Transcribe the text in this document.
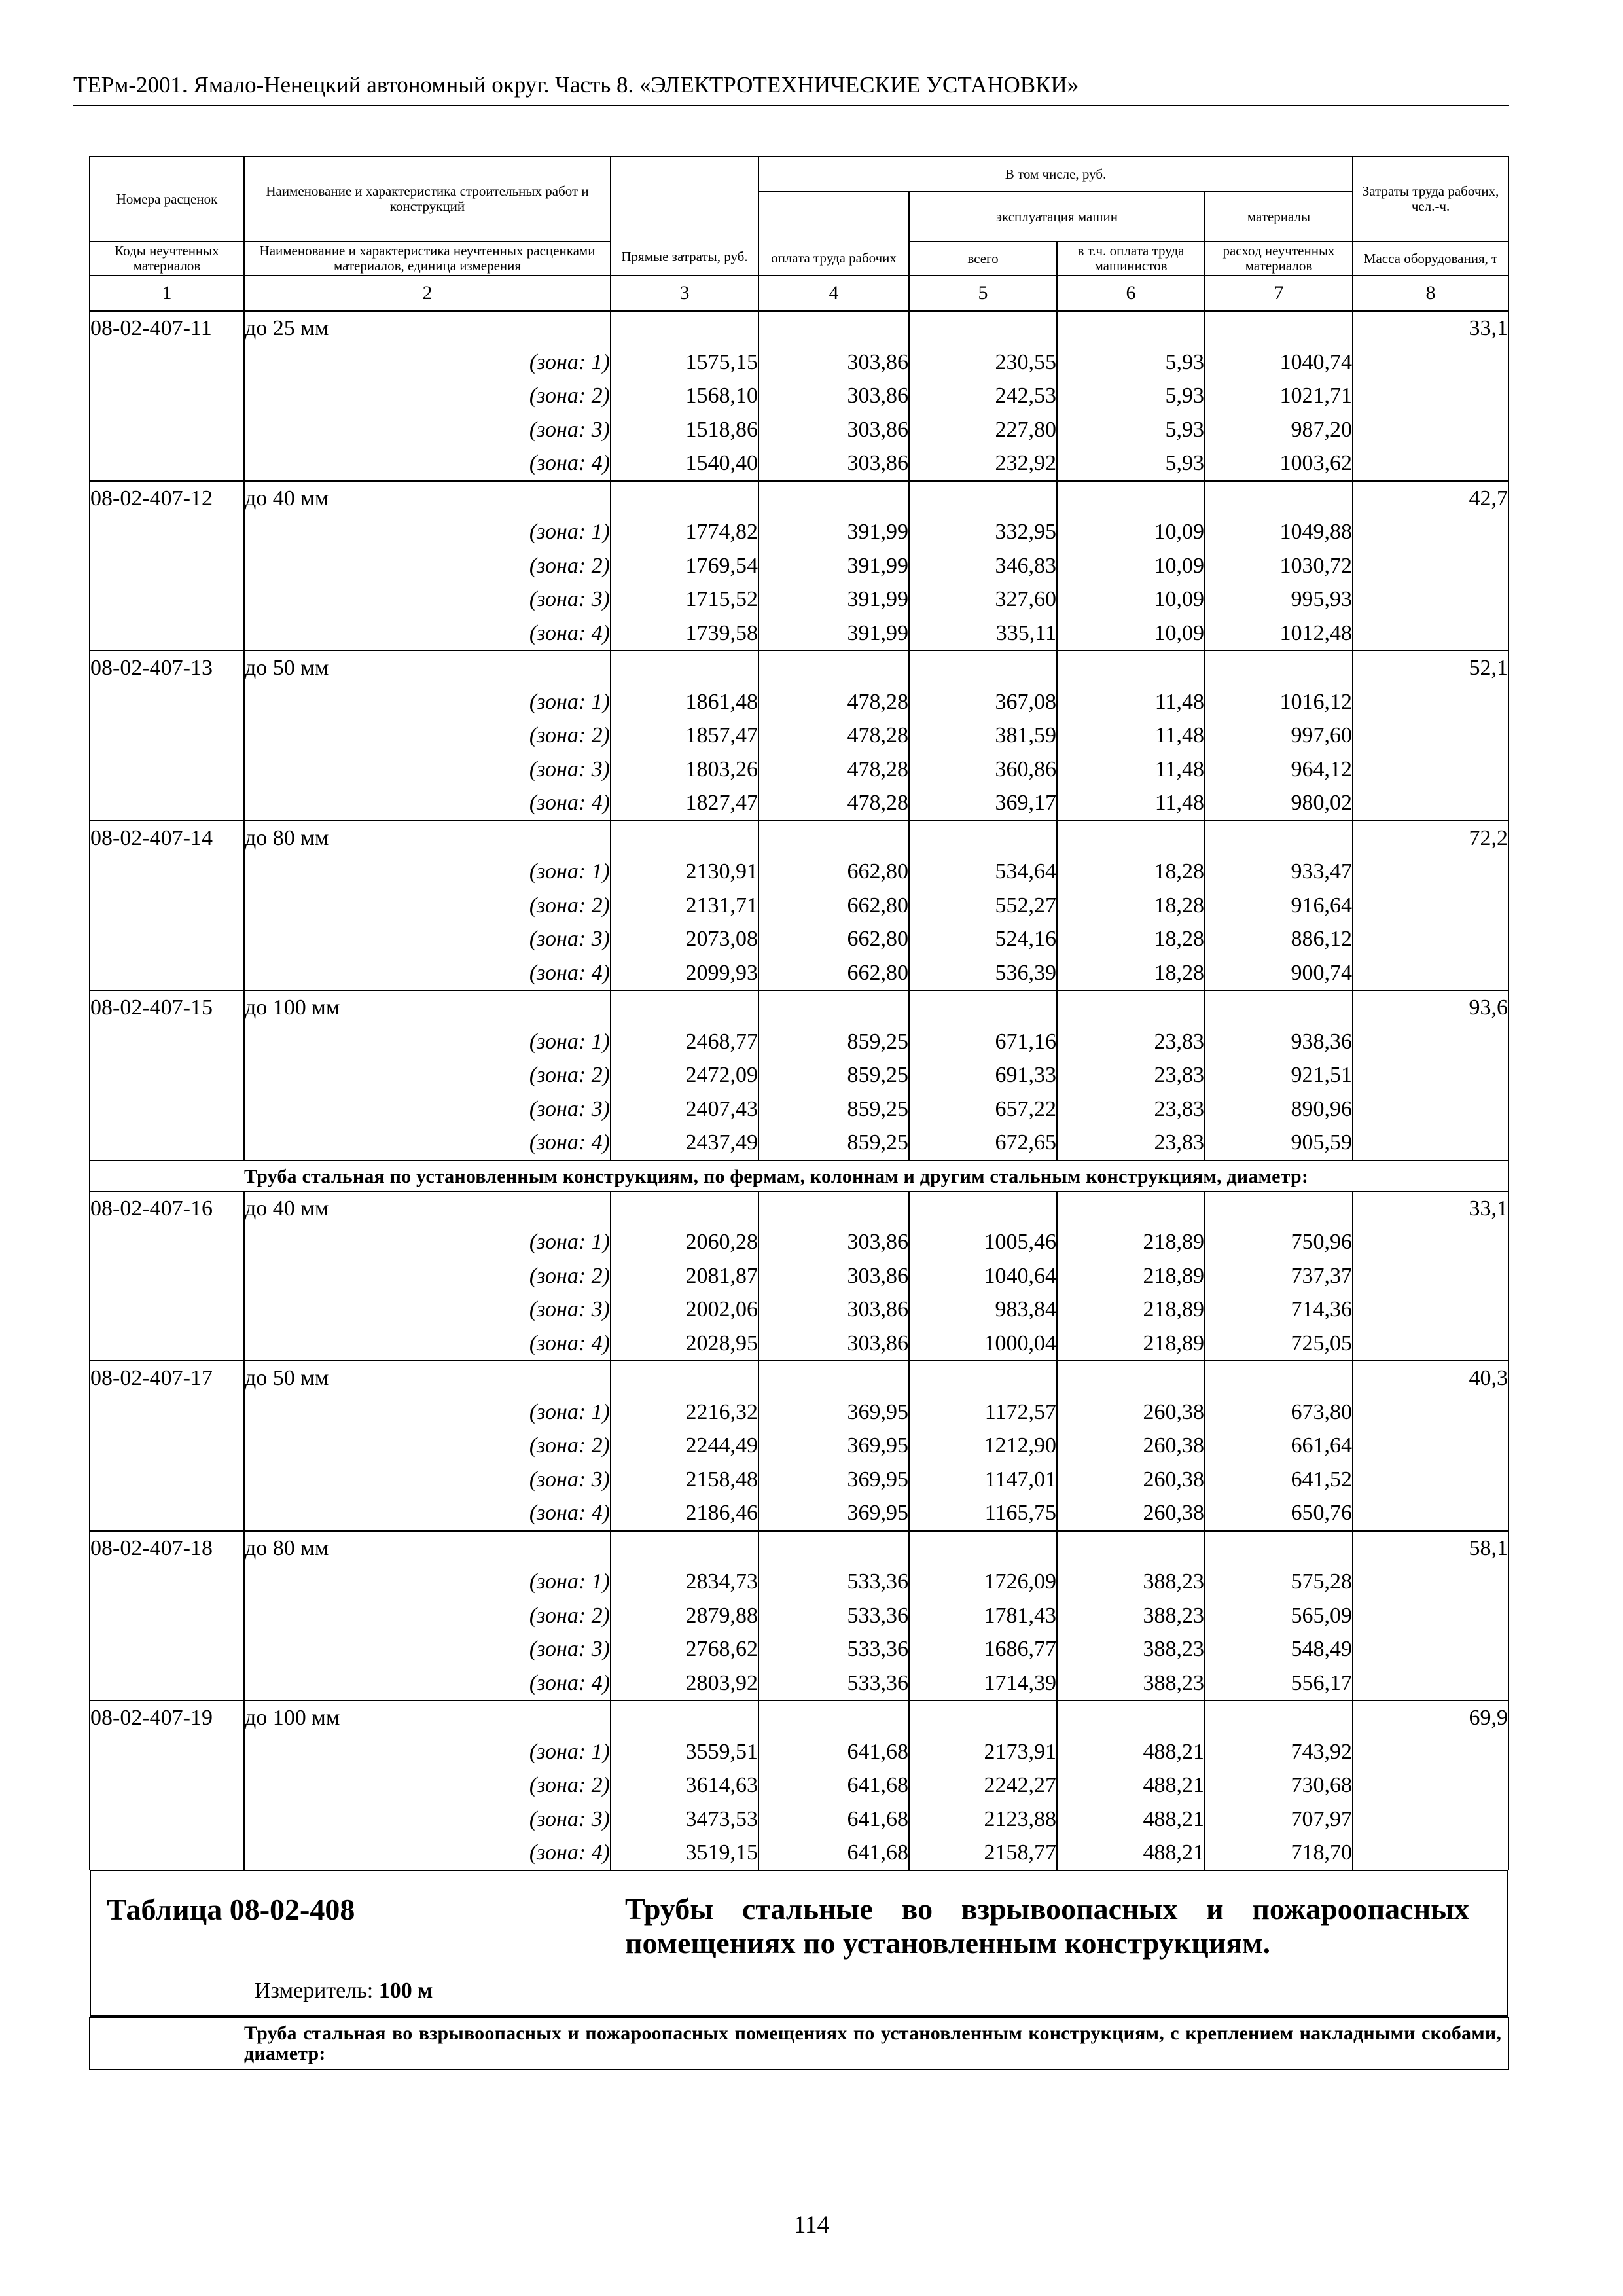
ТЕРм-2001. Ямало-Ненецкий автономный округ. Часть 8. «ЭЛЕКТРОТЕХНИЧЕСКИЕ УСТАНОВКИ»
Номера расценок	Наименование и характеристика строительных работ и конструкций	Прямые затраты, руб.	В том числе, руб.				Затраты труда рабочих, чел.-ч.
			оплата труда рабочих	эксплуатация машин		материалы	
Коды неучтенных материалов	Наименование и характеристика неучтенных расценками материалов, единица измерения			всего	в т.ч. оплата труда машинистов	расход неучтенных материалов	Масса оборудования, т

1	2	3	4	5	6	7	8
08-02-407-11	до 25 мм						33,1
	(зона: 1)	1575,15	303,86	230,55	5,93	1040,74	
	(зона: 2)	1568,10	303,86	242,53	5,93	1021,71	
	(зона: 3)	1518,86	303,86	227,80	5,93	987,20	
	(зона: 4)	1540,40	303,86	232,92	5,93	1003,62	
08-02-407-12	до 40 мм						42,7
	(зона: 1)	1774,82	391,99	332,95	10,09	1049,88	
	(зона: 2)	1769,54	391,99	346,83	10,09	1030,72	
	(зона: 3)	1715,52	391,99	327,60	10,09	995,93	
	(зона: 4)	1739,58	391,99	335,11	10,09	1012,48	
08-02-407-13	до 50 мм						52,1
	(зона: 1)	1861,48	478,28	367,08	11,48	1016,12	
	(зона: 2)	1857,47	478,28	381,59	11,48	997,60	
	(зона: 3)	1803,26	478,28	360,86	11,48	964,12	
	(зона: 4)	1827,47	478,28	369,17	11,48	980,02	
08-02-407-14	до 80 мм						72,2
	(зона: 1)	2130,91	662,80	534,64	18,28	933,47	
	(зона: 2)	2131,71	662,80	552,27	18,28	916,64	
	(зона: 3)	2073,08	662,80	524,16	18,28	886,12	
	(зона: 4)	2099,93	662,80	536,39	18,28	900,74	
08-02-407-15	до 100 мм						93,6
	(зона: 1)	2468,77	859,25	671,16	23,83	938,36	
	(зона: 2)	2472,09	859,25	691,33	23,83	921,51	
	(зона: 3)	2407,43	859,25	657,22	23,83	890,96	
	(зона: 4)	2437,49	859,25	672,65	23,83	905,59	

	Труба стальная по установленным конструкциям, по фермам, колоннам и другим стальным конструкциям, диаметр:						

08-02-407-16	до 40 мм						33,1
	(зона: 1)	2060,28	303,86	1005,46	218,89	750,96	
	(зона: 2)	2081,87	303,86	1040,64	218,89	737,37	
	(зона: 3)	2002,06	303,86	983,84	218,89	714,36	
	(зона: 4)	2028,95	303,86	1000,04	218,89	725,05	
08-02-407-17	до 50 мм						40,3
	(зона: 1)	2216,32	369,95	1172,57	260,38	673,80	
	(зона: 2)	2244,49	369,95	1212,90	260,38	661,64	
	(зона: 3)	2158,48	369,95	1147,01	260,38	641,52	
	(зона: 4)	2186,46	369,95	1165,75	260,38	650,76	
08-02-407-18	до 80 мм						58,1
	(зона: 1)	2834,73	533,36	1726,09	388,23	575,28	
	(зона: 2)	2879,88	533,36	1781,43	388,23	565,09	
	(зона: 3)	2768,62	533,36	1686,77	388,23	548,49	
	(зона: 4)	2803,92	533,36	1714,39	388,23	556,17	
08-02-407-19	до 100 мм						69,9
	(зона: 1)	3559,51	641,68	2173,91	488,21	743,92	
	(зона: 2)	3614,63	641,68	2242,27	488,21	730,68	
	(зона: 3)	3473,53	641,68	2123,88	488,21	707,97	
	(зона: 4)	3519,15	641,68	2158,77	488,21	718,70	

Таблица 08-02-408 Трубы стальные во взрывоопасных и пожароопасных помещениях по установленным конструкциям.
Измеритель: 100 м							

	Труба стальная во взрывоопасных и пожароопасных помещениях по установленным конструкциям, с креплением накладными скобами, диаметр:						
114
